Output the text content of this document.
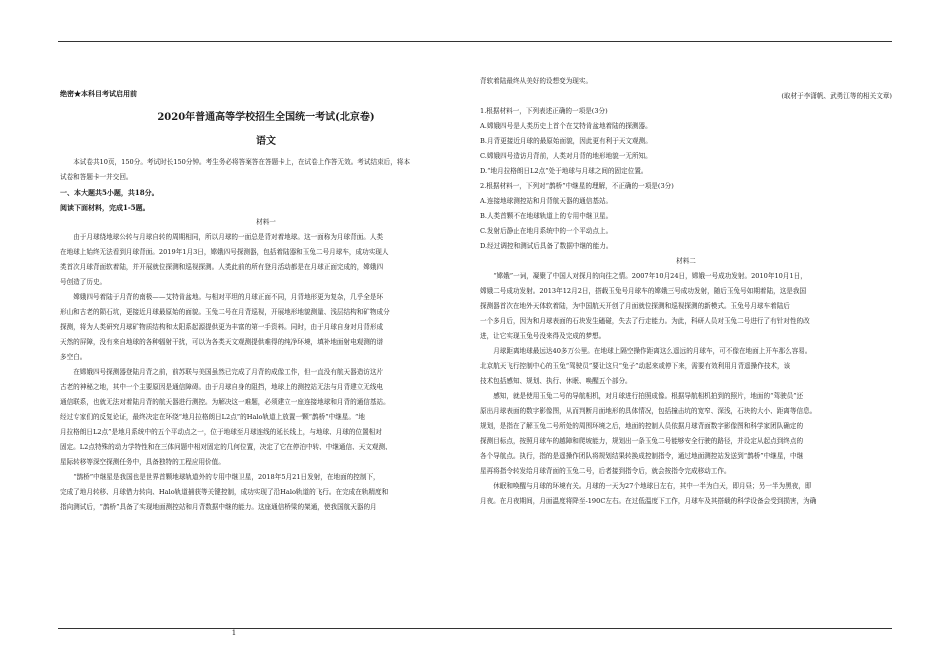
绝密★本科目考试启用前
2020年普通高等学校招生全国统一考试(北京卷)
语文
本试卷共10页，150分。考试时长150分钟。考生务必将答案答在答题卡上，在试卷上作答无效。考试结束后，将本
试卷和答题卡一并交回。
一、本大题共5小题，共18分。
阅读下面材料，完成1-5题。
材料一
由于月球绕地球公转与月球自转的周期相同，所以月球的一面总是背对着地球。这一面称为月球背面。人类
在地球上始终无法看到月球背面。2019年1月3日，嫦娥四号探测器，包括着陆器和玉兔二号月球车，成功实现人
类首次月球背面软着陆，并开展就位探测和巡视探测。人类此前的所有登月活动都是在月球正面完成的，嫦娥四
号创造了历史。
嫦娥四号着陆于月背的南极——艾特肯盆地。与相对平坦的月球正面不同，月背地形更为复杂，几乎全是环
形山和古老的陨石坑，更接近月球最原始的面貌。玉兔二号在月背巡视，开展地形地貌测量、浅层结构和矿物成分
探测，将为人类研究月球矿物质结构和太阳系起源提供更为丰富的第一手资料。同时，由于月球自身对月背形成
天然的屏障，没有来自地球的各种辐射干扰，可以为各类天文观测提供难得的纯净环境，填补地面射电观测的谱
多空白。
在嫦娥四号探测器登陆月背之前，前苏联与美国虽然已完成了月背的成像工作，但一直没有航天器造访这片
古老的神秘之地，其中一个主要原因是通信障碍。由于月球自身的阻挡，地球上的测控站无法与月背建立无线电
通信联系，也就无法对着陆月背的航天器进行测控。为解决这一难题，必须建立一座连接地球和月背的通信基站。
经过专家们的反复论证，最终决定在环绕“地月拉格朗日L2点”的Halo轨道上放置一颗“鹊桥”中继星。“地
月拉格朗日L2点”是地月系统中的五个平动点之一，位于地球至月球连线的延长线上，与地球、月球的位置相对
固定。L2点特殊的动力学特性和在三体问题中相对固定的几何位置，决定了它在停泊中转、中继通信、天文观测、
星际转移等深空探测任务中，具备独特的工程应用价值。
“鹊桥”中继星是我国也是世界首颗地球轨道外的专用中继卫星，2018年5月21日发射，在地面的控制下，
完成了地月转移、月球借力转向、Halo轨道捕获等关键控制，成功实现了沿Halo轨道的飞行。在完成在轨精度和
指向测试后，“鹊桥”具备了实现地面测控站和月背数据中继的能力。这座通信桥梁的架通，使我国航天器的月
背软着陆最终从美好的设想变为现实。
(取材于李潇帆、武勇江等的相关文章)
1.根据材料一，下列表述正确的一项是(3分)
A.嫦娥四号是人类历史上首个在艾特肯盆地着陆的探测器。
B.月背更接近月球的最原始面貌，因此更有利于天文观测。
C.嫦娥四号造访月背前，人类对月背的地形地貌一无所知。
D.“地月拉格朗日L2点”处于地球与月球之间的固定位置。
2.根据材料一，下列对“鹊桥”中继星的理解，不正确的一项是(3分)
A.连接地球测控站和月背航天器的通信基站。
B.人类首颗不在地球轨道上的专用中继卫星。
C.发射后静止在地月系统中的一个平动点上。
D.经过调控和测试后具备了数据中继的能力。
材料二
“嫦娥”一词，凝聚了中国人对探月的向往之情。2007年10月24日，嫦娥一号成功发射。2010年10月1日，
嫦娥二号成功发射。2013年12月2日，搭载玉兔号月球车的嫦娥三号成功发射，随后玉兔号如期着陆，这是我国
探测器首次在地外天体软着陆，为中国航天开创了月面就位探测和巡视探测的新模式。玉兔号月球车着陆后
一个多月后，因为和月球表面的石块发生磕碰，失去了行走能力。为此，科研人员对玉兔二号进行了有针对性的改
进，让它实现玉兔号没来得及完成的梦想。
月球距离地球最远达40多万公里。在地球上隔空操作距离这么遥远的月球车，可不像在地面上开车那么容易。
北京航天飞行控制中心的玉兔“驾驶员”要让这只“兔子”动起来或停下来，需要有效利用月背遥操作技术，该
技术包括感知、规划、执行、休眠、唤醒五个部分。
感知，就是使用玉兔二号的导航相机，对月球进行拍照成像。根据导航相机拍到的照片，地面的“驾驶员”还
原出月球表面的数字影像图，从而判断月面地形的具体情况，包括撞击坑的宽窄、深浅，石块的大小、距离等信息。
规划，是指在了解玉兔二号所处的周围环境之后，地面的控制人员依据月球背面数字影像图和科学家团队确定的
探测目标点，按照月球车的越障和爬坡能力，规划出一条玉兔二号能够安全行驶的路径，并设定从起点到终点的
各个导航点。执行，指的是遥操作团队将规划结果转换成控制指令，通过地面测控站发送到“鹊桥”中继星，中继
星再将指令转发给月球背面的玉兔二号，后者接到指令后，就会按指令完成移动工作。
休眠和唤醒与月球的环境有关。月球的一天为27个地球日左右，其中一半为白天，即月昼；另一半为黑夜，即
月夜。在月夜期间，月面温度将降至-190C左右。在过低温度下工作，月球车及其搭载的科学设备会受到损害，为确
1
